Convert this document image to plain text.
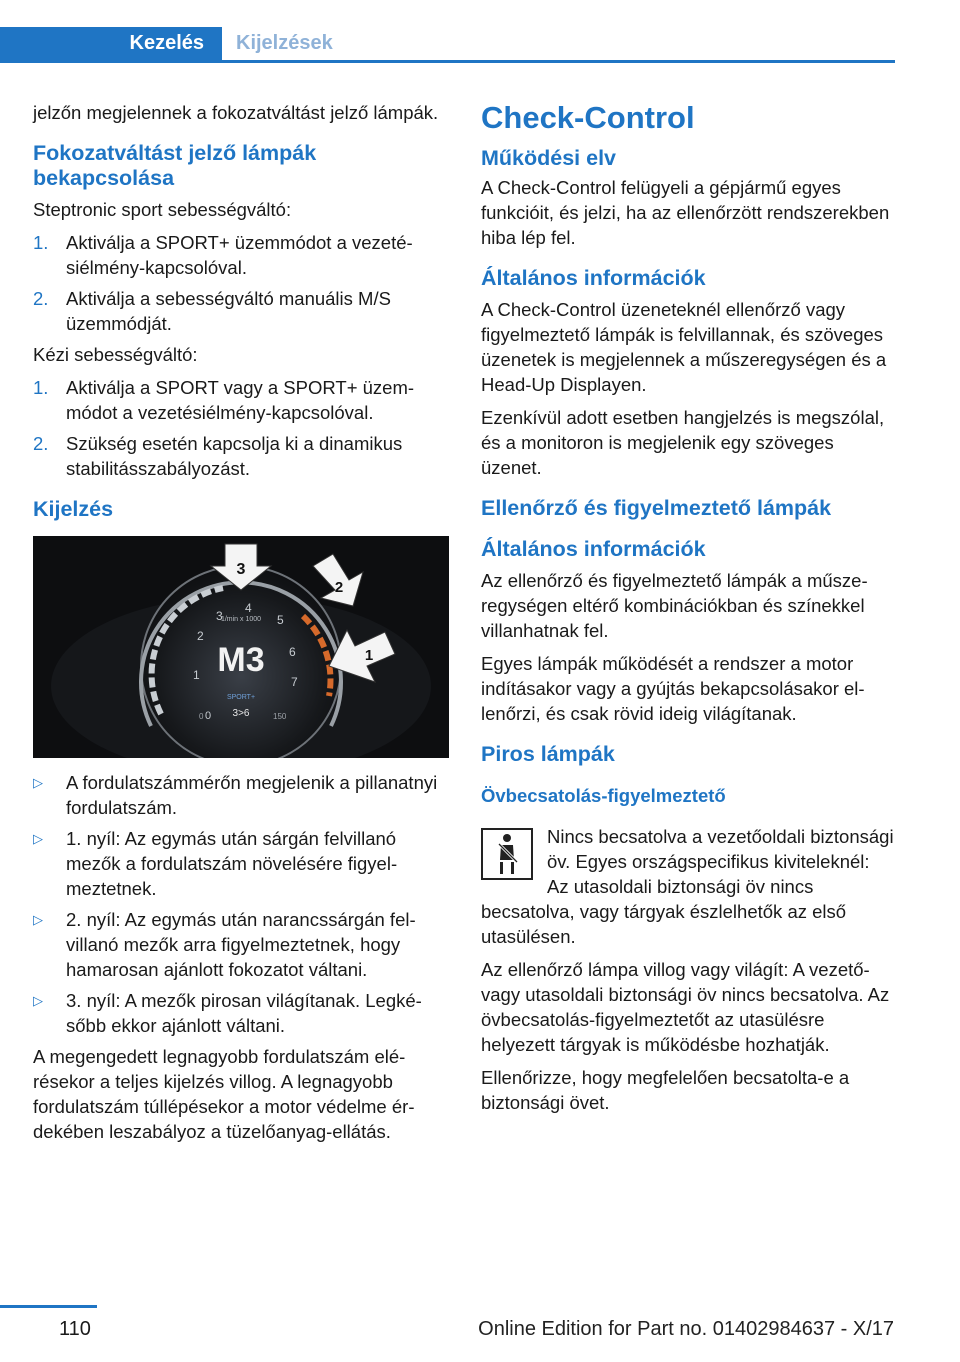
Kezelés	Kijelzések

jelzőn megjelennek a fokozatváltást jelző lámpák.

Fokozatváltást jelző lámpák bekapcsolása

Steptronic sport sebességváltó:

1. Aktiválja a SPORT+ üzemmódot a vezetésiélmény-kapcsolóval.
2. Aktiválja a sebességváltó manuális M/S üzemmódját.

Kézi sebességváltó:

1. Aktiválja a SPORT vagy a SPORT+ üzemmódot a vezetésiélmény-kapcsolóval.
2. Szükség esetén kapcsolja ki a dinamikus stabilitásszabályozást.
Kijelzés
M3
1/min x 1000
SPORT+
3>6
0
1
2
3
4
5
6
7
0	150
3
2
1
▷	A fordulatszámmérőn megjelenik a pillanatnyi fordulatszám.
▷	1. nyíl: Az egymás után sárgán felvillanó mezők a fordulatszám növelésére figyelmeztetnek.
▷	2. nyíl: Az egymás után narancssárgán felvillanó mezők arra figyelmeztetnek, hogy hamarosan ajánlott fokozatot váltani.
▷	3. nyíl: A mezők pirosan világítanak. Legkésőbb ekkor ajánlott váltani.

A megengedett legnagyobb fordulatszám elérésekor a teljes kijelzés villog. A legnagyobb fordulatszám túllépésekor a motor védelme érdekében leszabályoz a tüzelőanyag-ellátás.

Check-Control
Működési elv

A Check-Control felügyeli a gépjármű egyes funkcióit, és jelzi, ha az ellenőrzött rendszerekben hiba lép fel.

Általános információk

A Check-Control üzeneteknél ellenőrző vagy figyelmeztető lámpák is felvillannak, és szöveges üzenetek is megjelennek a műszeregységen és a Head-Up Displayen.

Ezenkívül adott esetben hangjelzés is megszólal, és a monitoron is megjelenik egy szöveges üzenet.

Ellenőrző és figyelmeztető lámpák
Általános információk

Az ellenőrző és figyelmeztető lámpák a műszeregységen eltérő kombinációkban és színekkel villanhatnak fel.

Egyes lámpák működését a rendszer a motor indításakor vagy a gyújtás bekapcsolásakor ellenőrzi, és csak rövid ideig világítanak.

Piros lámpák
Övbecsatolás-figyelmeztető

Nincs becsatolva a vezetőoldali biztonsági öv. Egyes országspecifikus kiviteleknél: Az utasoldali biztonsági öv nincs becsatolva, vagy tárgyak észlelhetők az első utasülésen.

Az ellenőrző lámpa villog vagy világít: A vezető- vagy utasoldali biztonsági öv nincs becsatolva. Az övbecsatolás-figyelmeztetőt az utasülésre helyezett tárgyak is működésbe hozhatják.

Ellenőrizze, hogy megfelelően becsatolta-e a biztonsági övet.

110	Online Edition for Part no. 01402984637 - X/17
